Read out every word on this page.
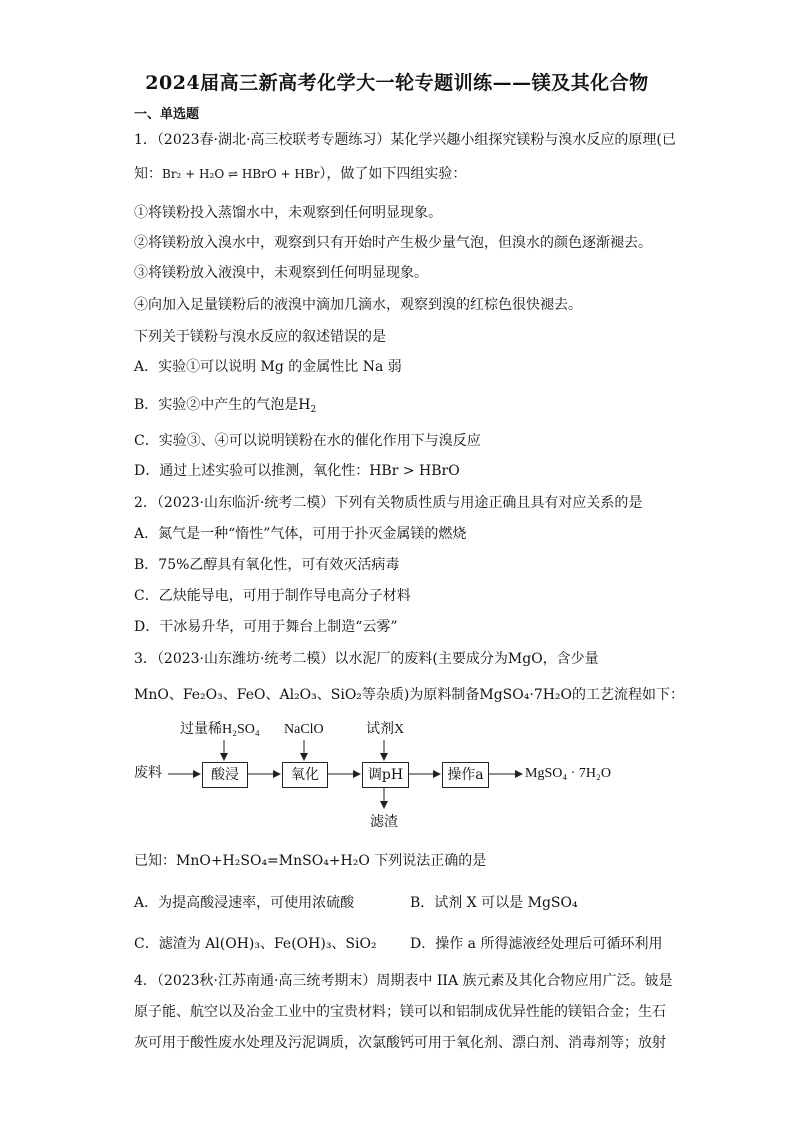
2024届高三新高考化学大一轮专题训练——镁及其化合物
一、单选题
1．（2023春·湖北·高三校联考专题练习）某化学兴趣小组探究镁粉与溴水反应的原理(已
知：Br₂ + H₂O ⇌ HBrO + HBr），做了如下四组实验：
①将镁粉投入蒸馏水中，未观察到任何明显现象。
②将镁粉放入溴水中，观察到只有开始时产生极少量气泡，但溴水的颜色逐渐褪去。
③将镁粉放入液溴中，未观察到任何明显现象。
④向加入足量镁粉后的液溴中滴加几滴水，观察到溴的红棕色很快褪去。
下列关于镁粉与溴水反应的叙述错误的是
A．实验①可以说明 Mg 的金属性比 Na 弱
B．实验②中产生的气泡是$H_2$
C．实验③、④可以说明镁粉在水的催化作用下与溴反应
D．通过上述实验可以推测，氧化性：HBr > HBrO
2．（2023·山东临沂·统考二模）下列有关物质性质与用途正确且具有对应关系的是
A．氮气是一种“惰性”气体，可用于扑灭金属镁的燃烧
B．75%乙醇具有氧化性，可有效灭活病毒
C．乙炔能导电，可用于制作导电高分子材料
D．干冰易升华，可用于舞台上制造“云雾”
3．（2023·山东潍坊·统考二模）以水泥厂的废料(主要成分为MgO，含少量
MnO、Fe₂O₃、FeO、Al₂O₃、SiO₂等杂质)为原料制备MgSO₄·7H₂O的工艺流程如下：
过量稀H₂SO₄ NaClO	试剂X
废料	酸浸	氧化	调pH	操作a	MgSO₄ · 7H₂O
滤渣
已知：MnO+H₂SO₄=MnSO₄+H₂O 下列说法正确的是
A．为提高酸浸速率，可使用浓硫酸	B．试剂 X 可以是 MgSO₄
C．滤渣为 Al(OH)₃、Fe(OH)₃、SiO₂ D．操作 a 所得滤液经处理后可循环利用
4．（2023秋·江苏南通·高三统考期末）周期表中 IIA 族元素及其化合物应用广泛。铍是
原子能、航空以及冶金工业中的宝贵材料；镁可以和铝制成优异性能的镁铝合金；生石
灰可用于酸性废水处理及污泥调质，次氯酸钙可用于氧化剂、漂白剂、消毒剂等；放射
